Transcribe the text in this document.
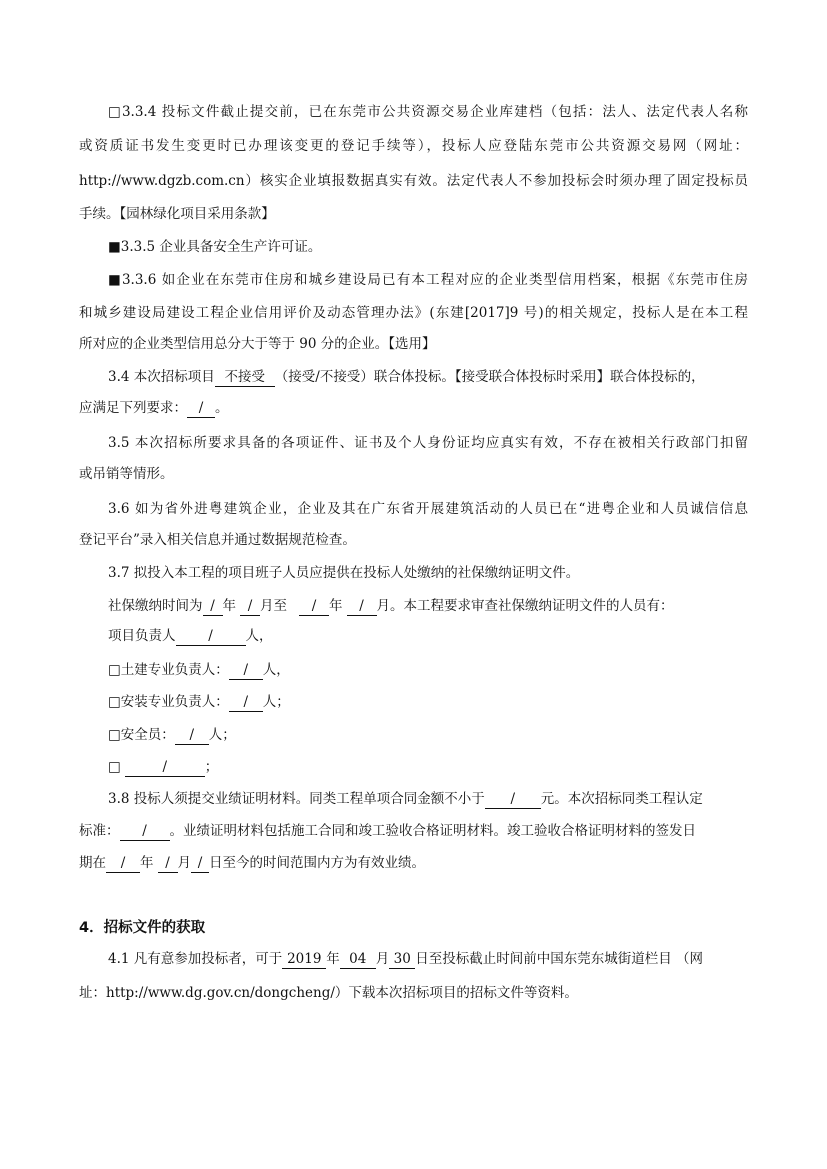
□3.3.4 投标文件截止提交前，已在东莞市公共资源交易企业库建档（包括：法人、法定代表人名称
或资质证书发生变更时已办理该变更的登记手续等），投标人应登陆东莞市公共资源交易网（网址：
http://www.dgzb.com.cn）核实企业填报数据真实有效。法定代表人不参加投标会时须办理了固定投标员
手续。【园林绿化项目采用条款】
■3.3.5 企业具备安全生产许可证。
■3.3.6 如企业在东莞市住房和城乡建设局已有本工程对应的企业类型信用档案，根据《东莞市住房
和城乡建设局建设工程企业信用评价及动态管理办法》(东建[2017]9 号)的相关规定，投标人是在本工程
所对应的企业类型信用总分大于等于 90 分的企业。【选用】
3.4 本次招标项目 不接受 （接受/不接受）联合体投标。【接受联合体投标时采用】联合体投标的，
应满足下列要求： / 。
3.5 本次招标所要求具备的各项证件、证书及个人身份证均应真实有效，不存在被相关行政部门扣留
或吊销等情形。
3.6 如为省外进粤建筑企业，企业及其在广东省开展建筑活动的人员已在“进粤企业和人员诚信信息
登记平台”录入相关信息并通过数据规范检查。
3.7 拟投入本工程的项目班子人员应提供在投标人处缴纳的社保缴纳证明文件。
社保缴纳时间为 / 年 / 月至 / 年 / 月。本工程要求审查社保缴纳证明文件的人员有：
项目负责人 / 人，
□土建专业负责人： / 人，
□安装专业负责人： / 人；
□安全员： / 人；
□	/	；
3.8 投标人须提交业绩证明材料。同类工程单项合同金额不小于 / 元。本次招标同类工程认定
标准： / 。业绩证明材料包括施工合同和竣工验收合格证明材料。竣工验收合格证明材料的签发日
期在 / 年 / 月 / 日至今的时间范围内方为有效业绩。
4．招标文件的获取
4.1 凡有意参加投标者，可于 2019 年 04 月 30 日至投标截止时间前中国东莞东城街道栏目 （网
址：http://www.dg.gov.cn/dongcheng/）下载本次招标项目的招标文件等资料。
